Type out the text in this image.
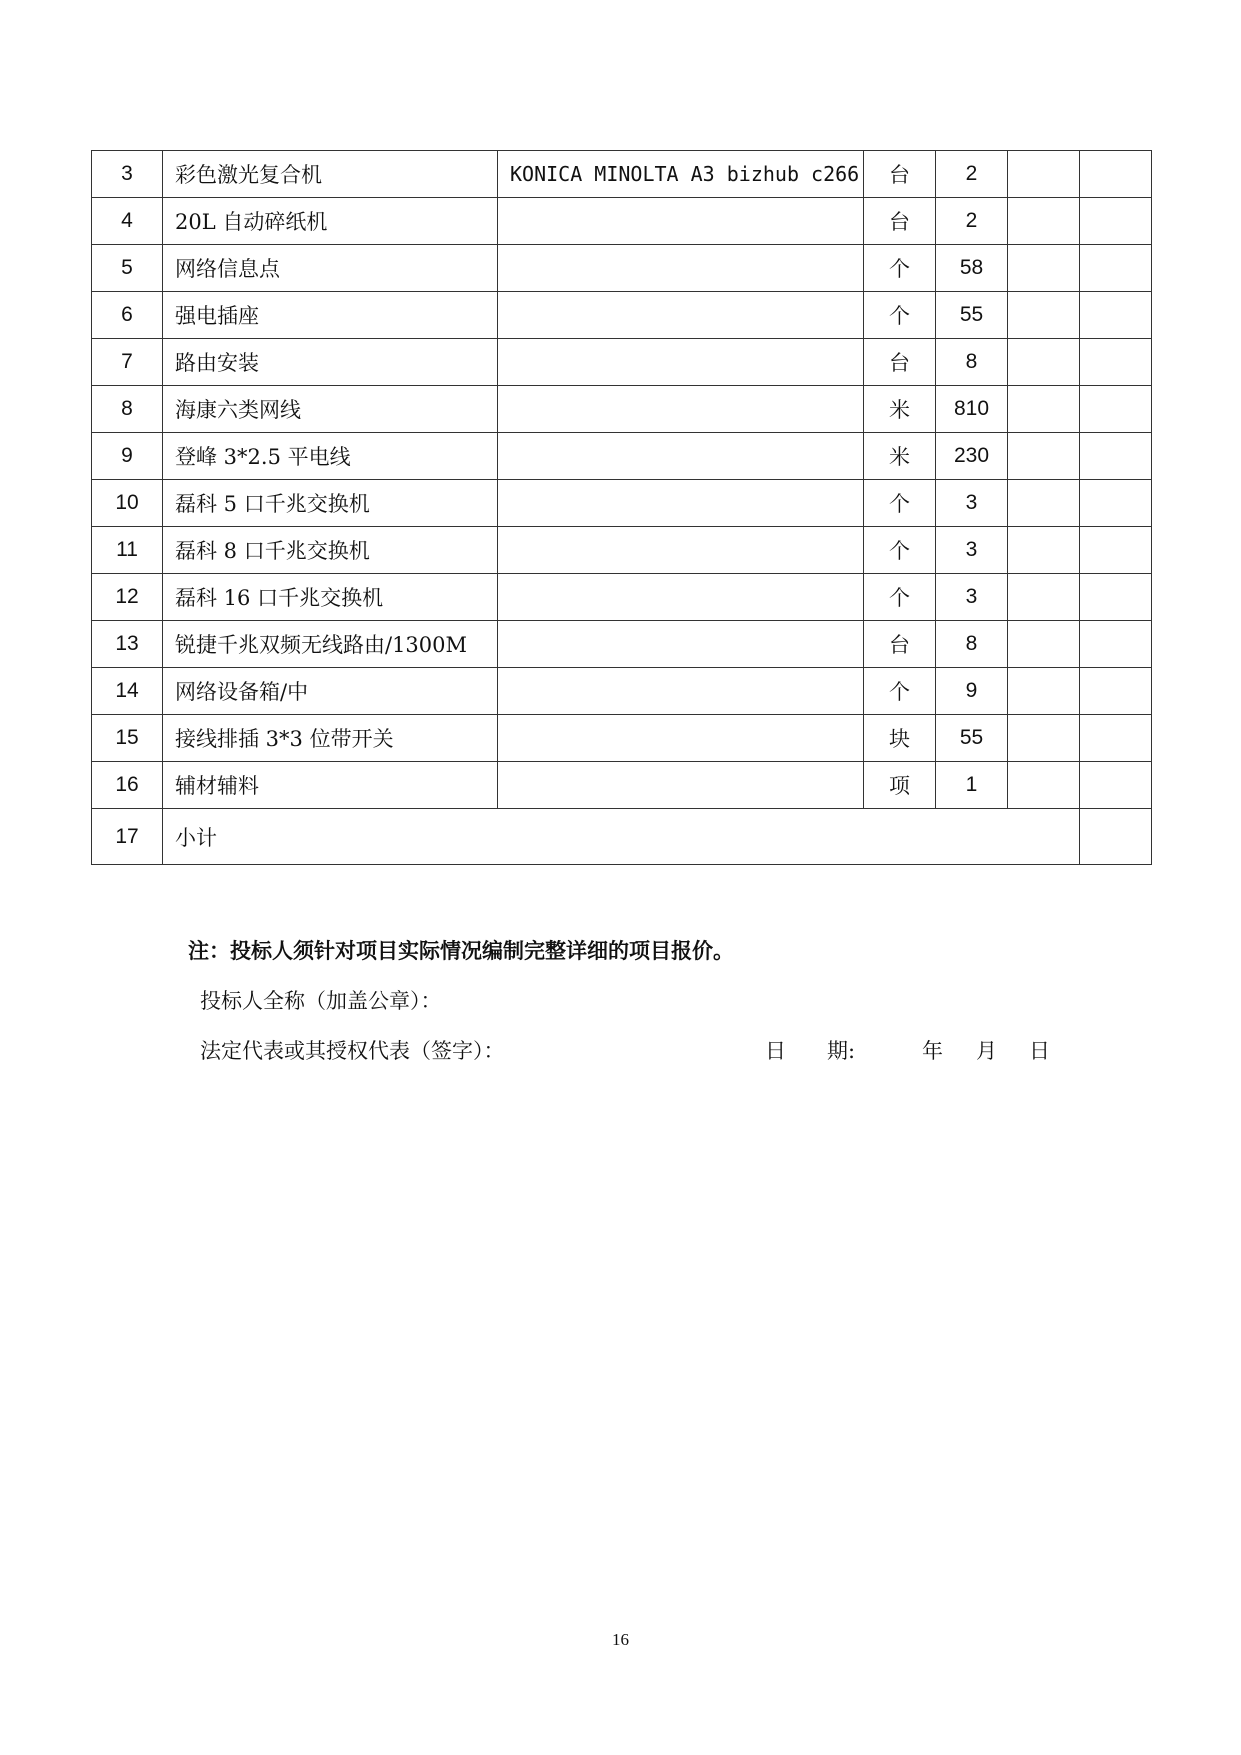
3	彩色激光复合机	KONICA MINOLTA A3 bizhub c266	台	2		
4	20L 自动碎纸机		台	2		
5	网络信息点		个	58		
6	强电插座		个	55		
7	路由安装		台	8		
8	海康六类网线		米	810		
9	登峰 3*2.5 平电线		米	230		
10	磊科 5 口千兆交换机		个	3		
11	磊科 8 口千兆交换机		个	3		
12	磊科 16 口千兆交换机		个	3		
13	锐捷千兆双频无线路由/1300M		台	8		
14	网络设备箱/中		个	9		
15	接线排插 3*3 位带开关		块	55		
16	辅材辅料		项	1		
17	小计					
注：投标人须针对项目实际情况编制完整详细的项目报价。
投标人全称（加盖公章）：
法定代表或其授权代表（签字）：	日 期:	年 月 日
16
